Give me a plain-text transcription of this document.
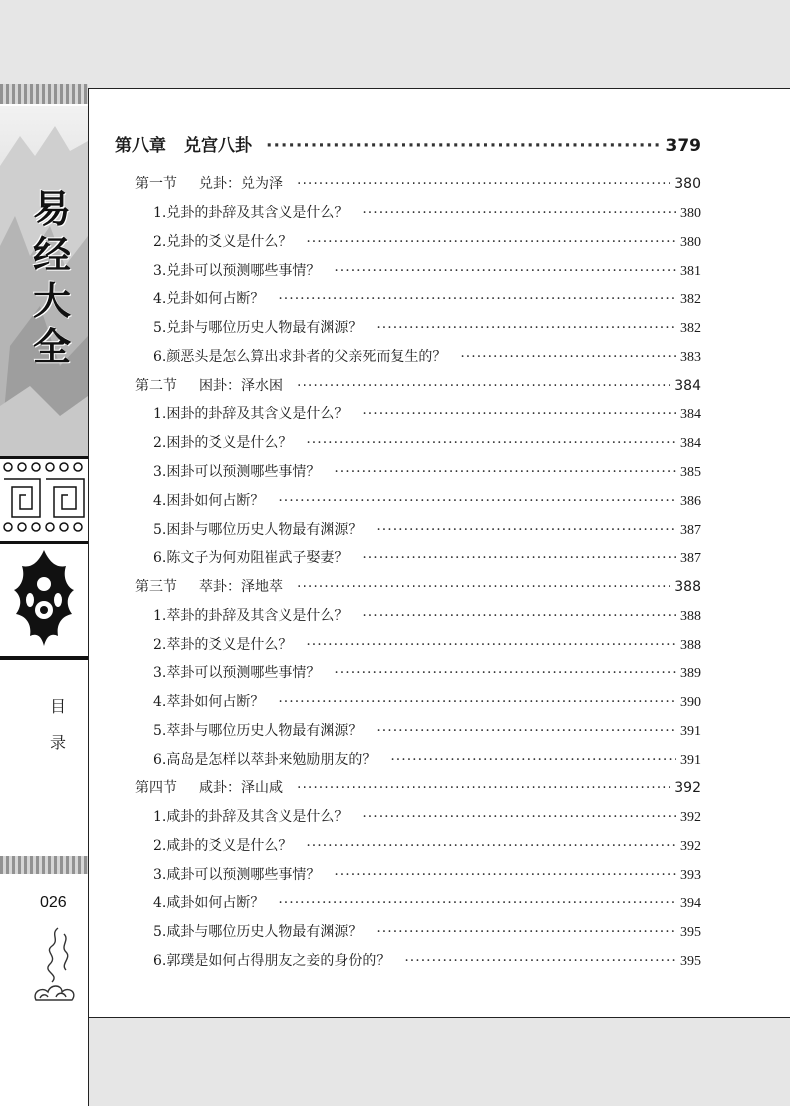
易
经
大
全
目
录
026
第八章 兑宫八卦 ·····	379
第一节 兑卦：兑为泽 ·····	380
1.兑卦的卦辞及其含义是什么？ ·····	380
2.兑卦的爻义是什么？ ·····	380
3.兑卦可以预测哪些事情？ ·····	381
4.兑卦如何占断？ ·····	382
5.兑卦与哪位历史人物最有渊源？ ·····	382
6.颜恶头是怎么算出求卦者的父亲死而复生的？ ·····	383
第二节 困卦：泽水困 ·····	384
1.困卦的卦辞及其含义是什么？ ·····	384
2.困卦的爻义是什么？ ·····	384
3.困卦可以预测哪些事情？ ·····	385
4.困卦如何占断？ ·····	386
5.困卦与哪位历史人物最有渊源？ ·····	387
6.陈文子为何劝阻崔武子娶妻？ ·····	387
第三节 萃卦：泽地萃 ·····	388
1.萃卦的卦辞及其含义是什么？ ·····	388
2.萃卦的爻义是什么？ ·····	388
3.萃卦可以预测哪些事情？ ·····	389
4.萃卦如何占断？ ·····	390
5.萃卦与哪位历史人物最有渊源？ ·····	391
6.高岛是怎样以萃卦来勉励朋友的？ ·····	391
第四节 咸卦：泽山咸 ·····	392
1.咸卦的卦辞及其含义是什么？ ·····	392
2.咸卦的爻义是什么？ ·····	392
3.咸卦可以预测哪些事情？ ·····	393
4.咸卦如何占断？ ·····	394
5.咸卦与哪位历史人物最有渊源？ ·····	395
6.郭璞是如何占得朋友之妾的身份的？ ·····	395
